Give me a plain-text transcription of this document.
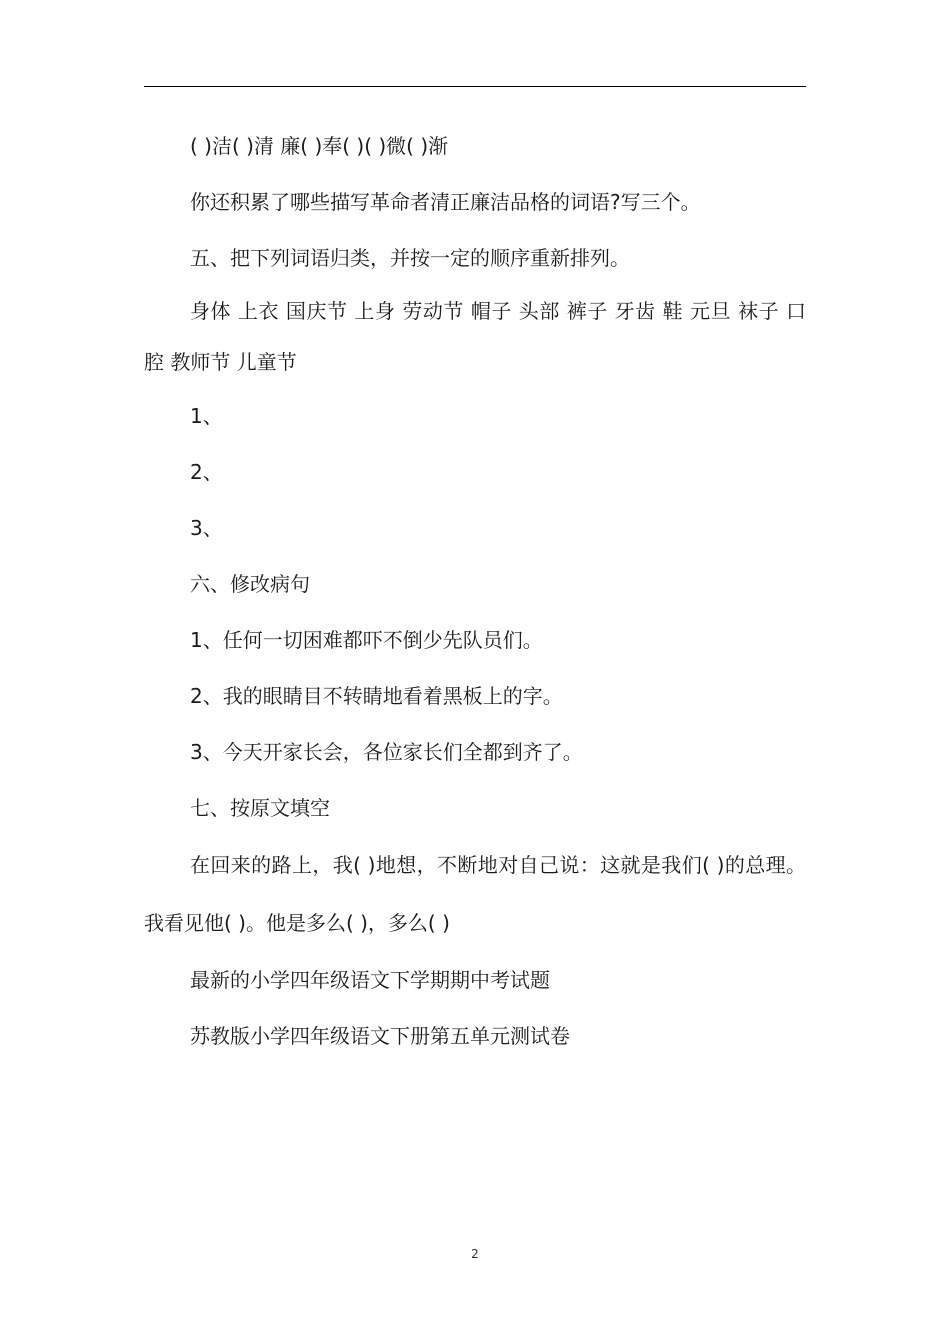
( )洁( )清 廉( )奉( )( )微( )渐

你还积累了哪些描写革命者清正廉洁品格的词语?写三个。

五、把下列词语归类，并按一定的顺序重新排列。

身体 上衣 国庆节 上身 劳动节 帽子 头部 裤子 牙齿 鞋 元旦 袜子 口腔 教师节 儿童节

1、

2、

3、

六、修改病句

1、任何一切困难都吓不倒少先队员们。

2、我的眼睛目不转睛地看着黑板上的字。

3、今天开家长会，各位家长们全都到齐了。

七、按原文填空

在回来的路上，我( )地想，不断地对自己说：这就是我们( )的总理。我看见他( )。他是多么( )，多么( )

最新的小学四年级语文下学期期中考试题

苏教版小学四年级语文下册第五单元测试卷

2
